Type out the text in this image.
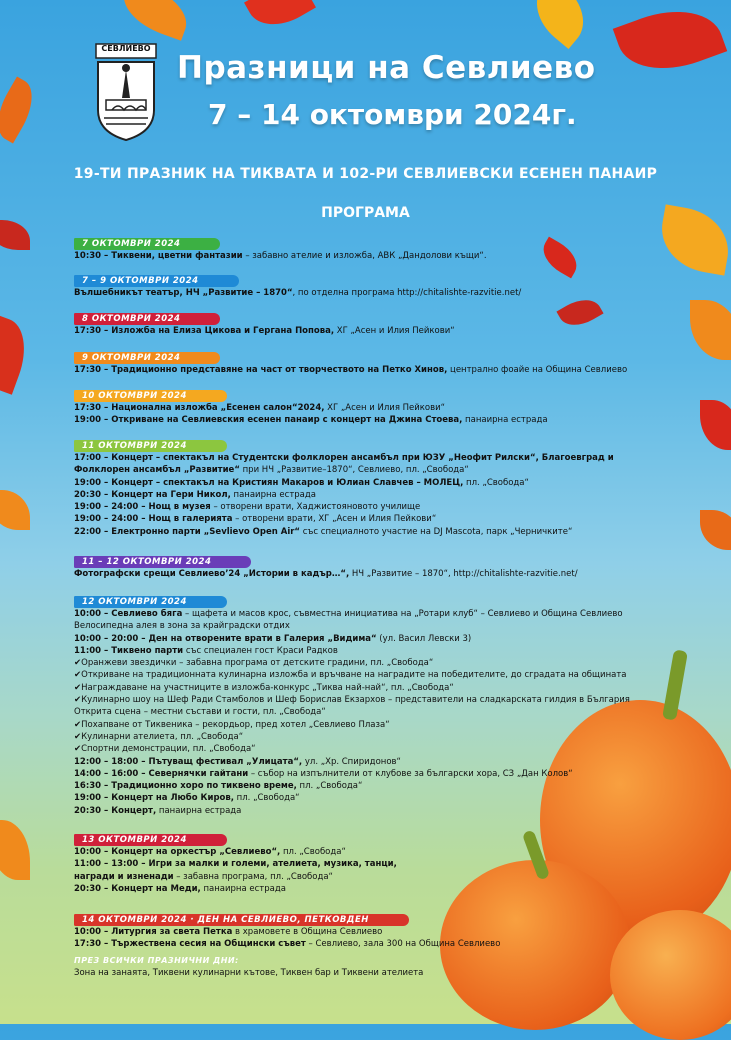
СЕВЛИЕВО
Празници на Севлиево
7 – 14 октомври 2024г.
19-ТИ ПРАЗНИК НА ТИКВАТА И 102-РИ СЕВЛИЕВСКИ ЕСЕНЕН ПАНАИР
ПРОГРАМА
7 ОКТОМВРИ 2024
10:30 – Тиквени, цветни фантазии – забавно ателие и изложба, АВК „Дандолови къщи“.
7 – 9 ОКТОМВРИ 2024
Вълшебникът театър, НЧ „Развитие – 1870“, по отделна програма http://chitalishte-razvitie.net/
8 ОКТОМВРИ 2024
17:30 – Изложба на Елиза Цикова и Гергана Попова, ХГ „Асен и Илия Пейкови“
9 ОКТОМВРИ 2024
17:30 – Традиционно представяне на част от творчеството на Петко Хинов, централно фоайе на Община Севлиево
10 ОКТОМВРИ 2024
17:30 – Национална изложба „Есенен салон“2024, ХГ „Асен и Илия Пейкови“
19:00 – Откриване на Севлиевския есенен панаир с концерт на Джина Стоева, панаирна естрада
11 ОКТОМВРИ 2024
17:00 – Концерт – спектакъл на Студентски фолклорен ансамбъл при ЮЗУ „Неофит Рилски“, Благоевград и
Фолклорен ансамбъл „Развитие“ при НЧ „Развитие–1870“, Севлиево, пл. „Свобода“
19:00 – Концерт – спектакъл на Кристиян Макаров и Юлиан Славчев – МОЛЕЦ, пл. „Свобода“
20:30 – Концерт на Гери Никол, панаирна естрада
19:00 – 24:00 – Нощ в музея – отворени врати, Хаджистояновото училище
19:00 – 24:00 – Нощ в галерията – отворени врати, ХГ „Асен и Илия Пейкови“
22:00 – Електронно парти „Sevlievo Open Air“ със специалното участие на DJ Mascota, парк „Черничките“
11 – 12 ОКТОМВРИ 2024
Фотографски срещи Севлиево’24 „Истории в кадър…“, НЧ „Развитие – 1870“, http://chitalishte-razvitie.net/
12 ОКТОМВРИ 2024
10:00 – Севлиево бяга – щафета и масов крос, съвместна инициатива на „Ротари клуб“ – Севлиево и Община Севлиево
Велосипедна алея в зона за крайградски отдих
10:00 – 20:00 – Ден на отворените врати в Галерия „Видима“ (ул. Васил Левски 3)
11:00 – Тиквено парти със специален гост Краси Радков
✔Оранжеви звездички – забавна програма от детските градини, пл. „Свобода“
✔Откриване на традиционната кулинарна изложба и връчване на наградите на победителите, до сградата на общината
✔Награждаване на участниците в изложба-конкурс „Тиква най-най“, пл. „Свобода“
✔Кулинарно шоу на Шеф Ради Стамболов и Шеф Борислав Екзархов – представители на сладкарската гилдия в България
Открита сцена – местни състави и гости, пл. „Свобода“
✔Похапване от Тиквеника – рекордьор, пред хотел „Севлиево Плаза“
✔Кулинарни ателиета, пл. „Свобода“
✔Спортни демонстрации, пл. „Свобода“
12:00 – 18:00 – Пътуващ фестивал „Улицата“, ул. „Хр. Спиридонов“
14:00 – 16:00 – Севернячки гайтани – събор на изпълнители от клубове за български хора, СЗ „Дан Колов“
16:30 – Традиционно хоро по тиквено време, пл. „Свобода“
19:00 – Концерт на Любо Киров, пл. „Свобода“
20:30 – Концерт, панаирна естрада
13 ОКТОМВРИ 2024
10:00 – Концерт на оркестър „Севлиево“, пл. „Свобода“
11:00 – 13:00 – Игри за малки и големи, ателиета, музика, танци,
награди и изненади – забавна програма, пл. „Свобода“
20:30 – Концерт на Меди, панаирна естрада
14 ОКТОМВРИ 2024 · ДЕН НА СЕВЛИЕВО, ПЕТКОВДЕН
10:00 – Литургия за света Петка в храмовете в Община Севлиево
17:30 – Тържествена сесия на Общински съвет – Севлиево, зала 300 на Община Севлиево
ПРЕЗ ВСИЧКИ ПРАЗНИЧНИ ДНИ:
Зона на занаята, Тиквени кулинарни кътове, Тиквен бар и Тиквени ателиета
